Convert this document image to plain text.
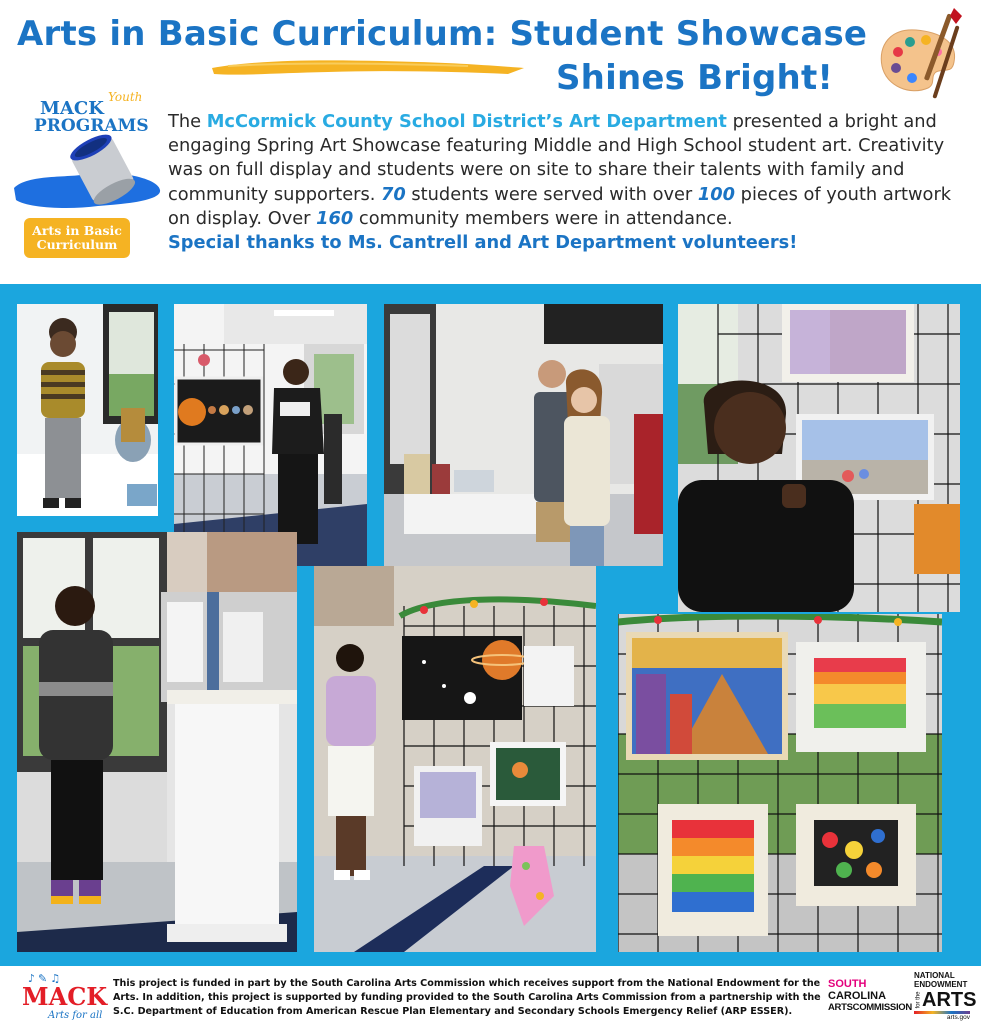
Arts in Basic Curriculum: Student Showcase
Shines Bright!
MACK
Youth
PROGRAMS
Arts in Basic Curriculum
The McCormick County School District’s Art Department presented a bright and engaging Spring Art Showcase featuring Middle and High School student art. Creativity was on full display and students were on site to share their talents with family and community supporters. 70 students were served with over 100 pieces of youth artwork on display. Over 160 community members were in attendance.
Special thanks to Ms. Cantrell and Art Department volunteers!
♪✎♫
MACK
Arts for all
This project is funded in part by the South Carolina Arts Commission which receives support from the National Endowment for the Arts. In addition, this project is supported by funding provided to the South Carolina Arts Commission from a partnership with the S.C. Department of Education from American Rescue Plan Elementary and Secondary Schools Emergency Relief (ARP ESSER).
SOUTH
CAROLINA
ARTSCOMMISSION
NATIONAL
ENDOWMENT
for the ARTS
arts.gov
